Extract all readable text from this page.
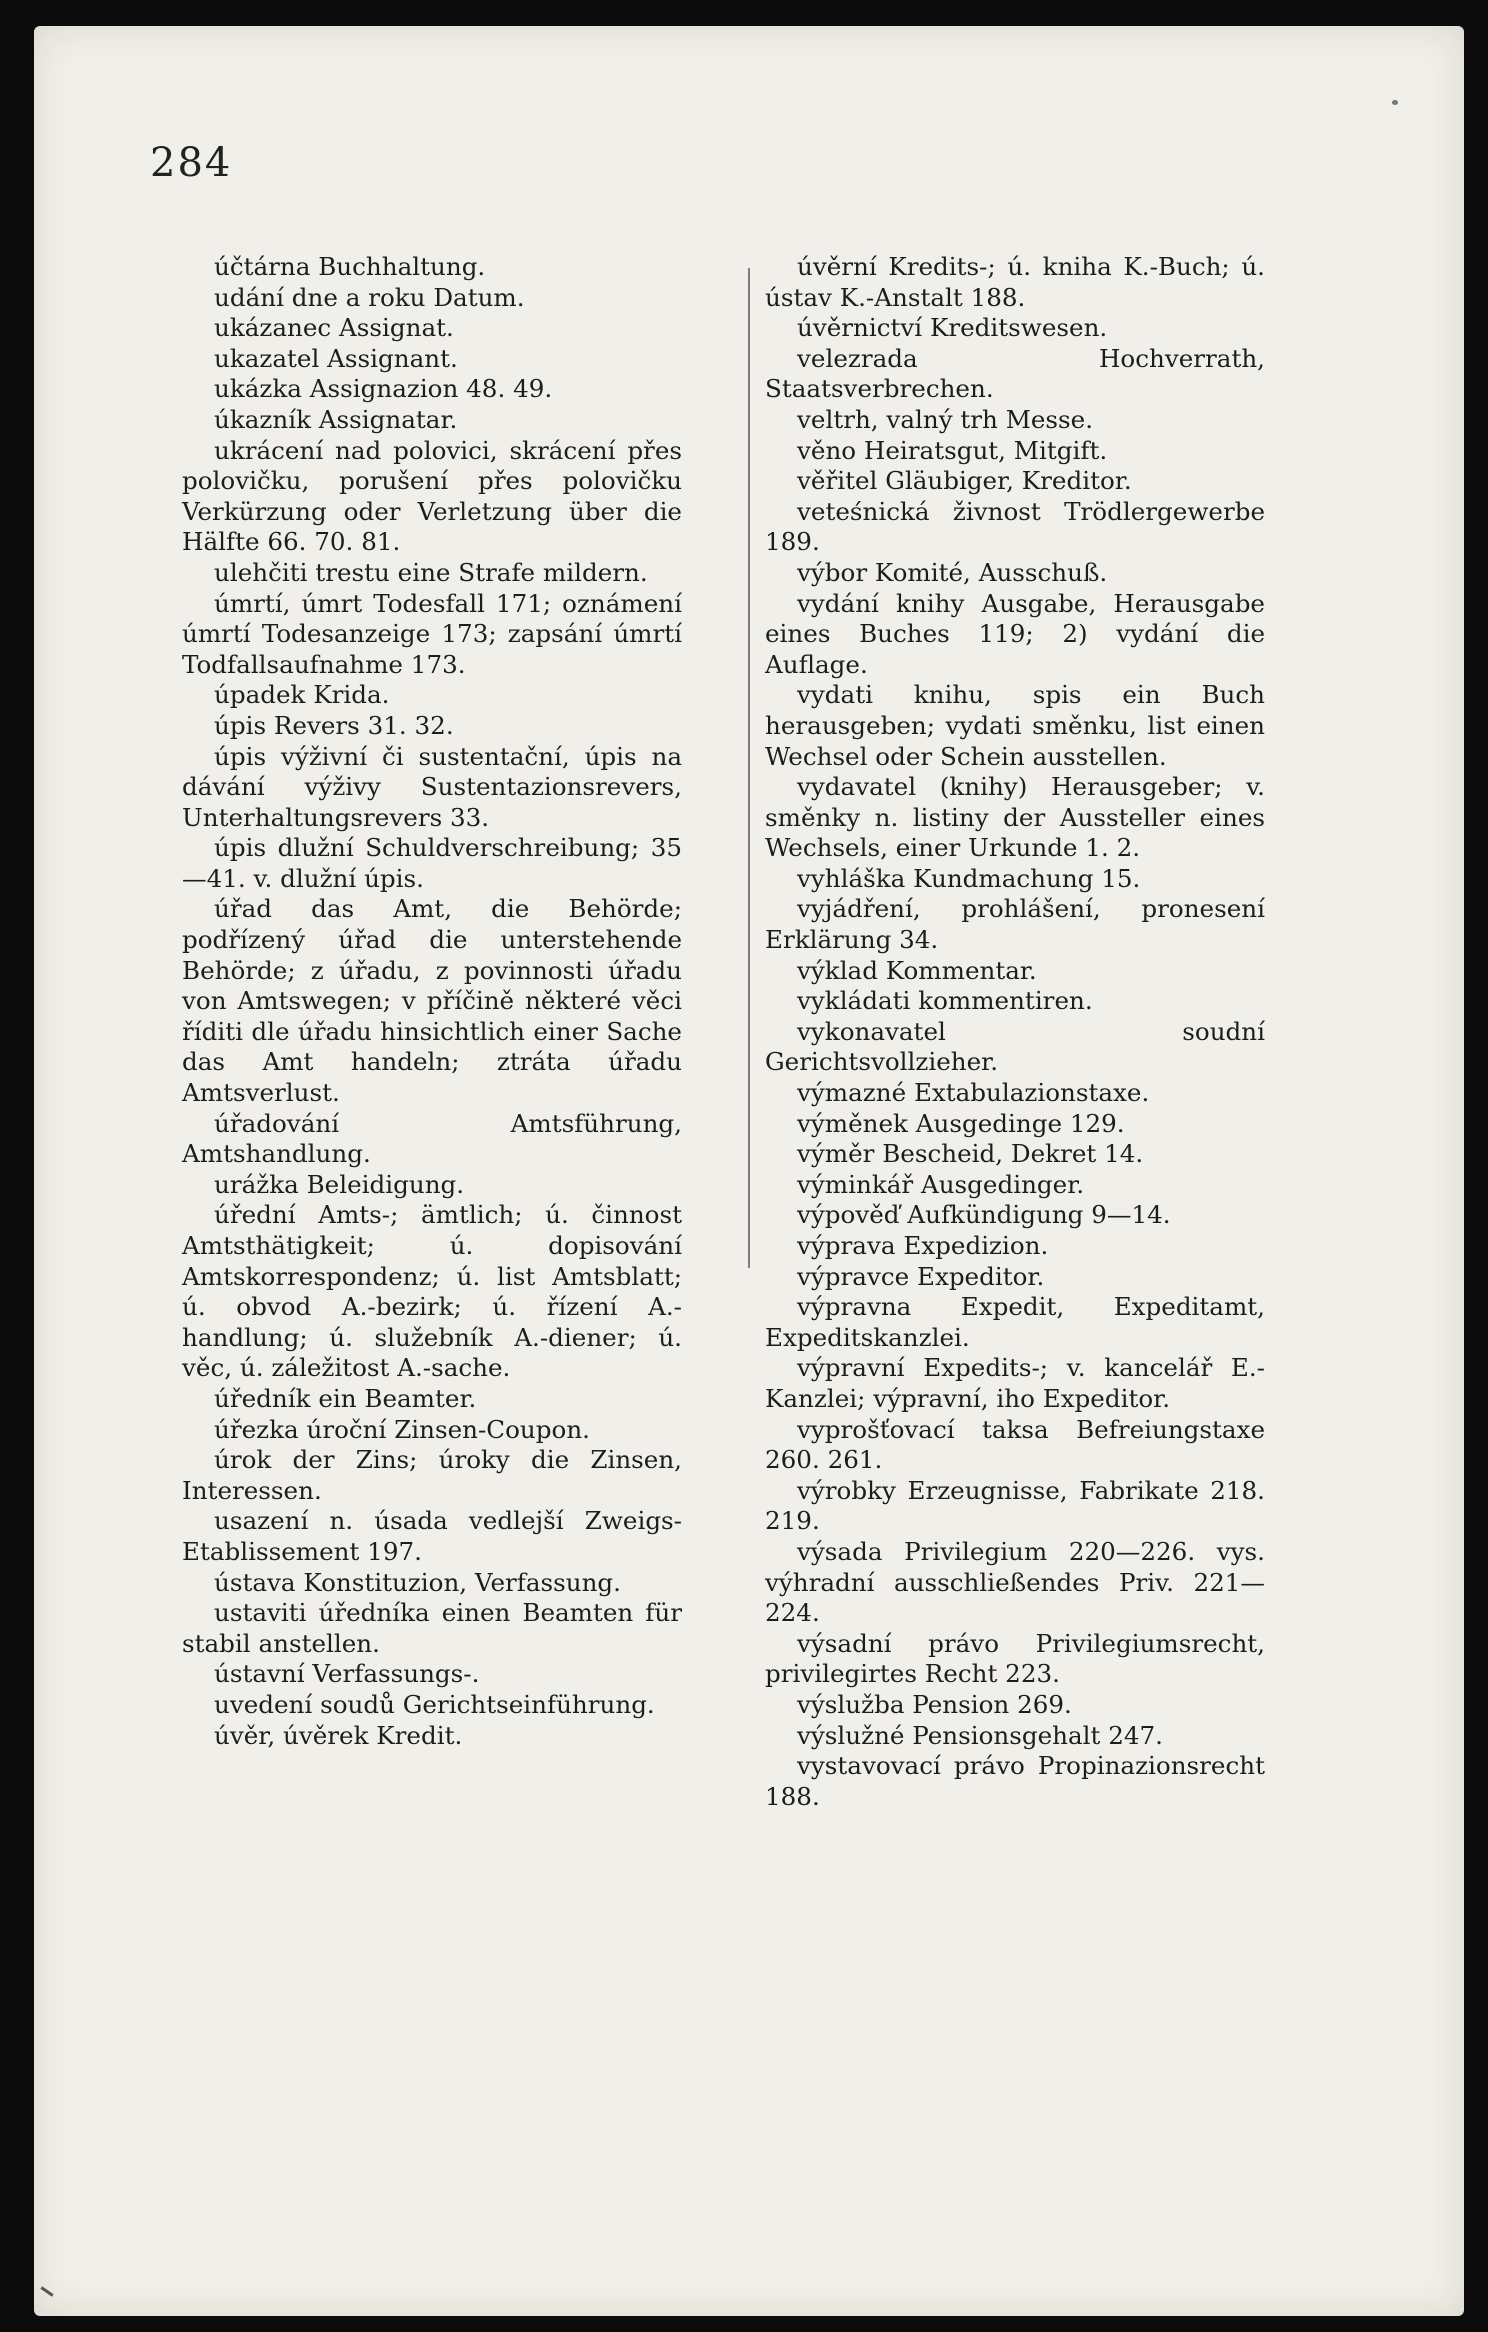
284

účtárna Buchhaltung.

udání dne a roku Datum.

ukázanec Assignat.

ukazatel Assignant.

ukázka Assignazion 48. 49.

úkazník Assignatar.

ukrácení nad polovici, skrácení přes polovičku, porušení přes polovičku Verkürzung oder Verletzung über die Hälfte 66. 70. 81.

ulehčiti trestu eine Strafe mildern.

úmrtí, úmrt Todesfall 171; oznámení úmrtí Todesanzeige 173; zapsání úmrtí Todfallsaufnahme 173.

úpadek Krida.

úpis Revers 31. 32.

úpis výživní či sustentační, úpis na dávání výživy Sustentazionsrevers, Unterhaltungsrevers 33.

úpis dlužní Schuldverschreibung; 35—41. v. dlužní úpis.

úřad das Amt, die Behörde; podřízený úřad die unterstehende Behörde; z úřadu, z povinnosti úřadu von Amtswegen; v příčině některé věci říditi dle úřadu hinsichtlich einer Sache das Amt handeln; ztráta úřadu Amtsverlust.

úřadování Amtsführung, Amtshandlung.

urážka Beleidigung.

úřední Amts-; ämtlich; ú. činnost Amtsthätigkeit; ú. dopisování Amtskorrespondenz; ú. list Amtsblatt; ú. obvod A.-bezirk; ú. řízení A.-handlung; ú. služebník A.-diener; ú. věc, ú. záležitost A.-sache.

úředník ein Beamter.

úřezka úroční Zinsen-Coupon.

úrok der Zins; úroky die Zinsen, Interessen.

usazení n. úsada vedlejší Zweigs-Etablissement 197.

ústava Konstituzion, Verfassung.

ustaviti úředníka einen Beamten für stabil anstellen.

ústavní Verfassungs-.

uvedení soudů Gerichtseinführung.

úvěr, úvěrek Kredit.

úvěrní Kredits-; ú. kniha K.-Buch; ú. ústav K.-Anstalt 188.

úvěrnictví Kreditswesen.

velezrada Hochverrath, Staatsverbrechen.

veltrh, valný trh Messe.

věno Heiratsgut, Mitgift.

věřitel Gläubiger, Kreditor.

veteśnická živnost Trödlergewerbe 189.

výbor Komité, Ausschuß.

vydání knihy Ausgabe, Herausgabe eines Buches 119; 2) vydání die Auflage.

vydati knihu, spis ein Buch herausgeben; vydati směnku, list einen Wechsel oder Schein ausstellen.

vydavatel (knihy) Herausgeber; v. směnky n. listiny der Aussteller eines Wechsels, einer Urkunde 1. 2.

vyhláška Kundmachung 15.

vyjádření, prohlášení, pronesení Erklärung 34.

výklad Kommentar.

vykládati kommentiren.

vykonavatel soudní Gerichtsvollzieher.

výmazné Extabulazionstaxe.

výměnek Ausgedinge 129.

výměr Bescheid, Dekret 14.

výminkář Ausgedinger.

výpověď Aufkündigung 9—14.

výprava Expedizion.

výpravce Expeditor.

výpravna Expedit, Expeditamt, Expeditskanzlei.

výpravní Expedits-; v. kancelář E.-Kanzlei; výpravní, iho Expeditor.

vyprošťovací taksa Befreiungstaxe 260. 261.

výrobky Erzeugnisse, Fabrikate 218. 219.

výsada Privilegium 220—226. vys. výhradní ausschließendes Priv. 221—224.

výsadní právo Privilegiumsrecht, privilegirtes Recht 223.

výslužba Pension 269.

výslužné Pensionsgehalt 247.

vystavovací právo Propinazionsrecht 188.
